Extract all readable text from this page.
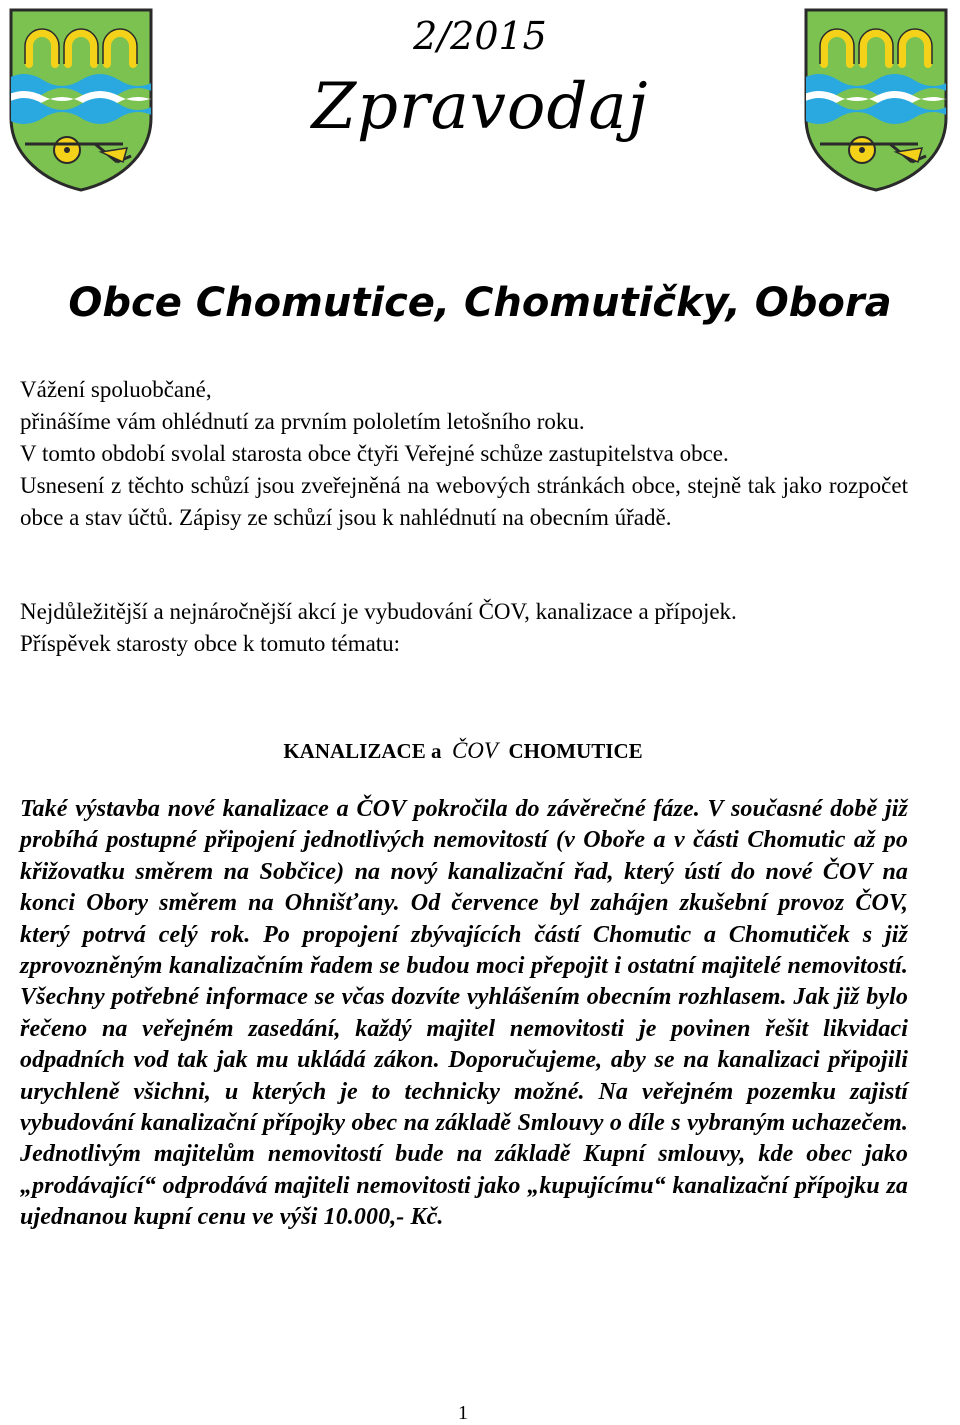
2/2015
Zpravodaj
Obce Chomutice, Chomutičky, Obora

Vážení spoluobčané,
přinášíme vám ohlédnutí za prvním pololetím letošního roku.
V tomto období svolal starosta obce čtyři Veřejné schůze zastupitelstva obce.

Usnesení z těchto schůzí jsou zveřejněná na webových stránkách obce, stejně tak jako rozpočet obce a stav účtů. Zápisy ze schůzí jsou k nahlédnutí na obecním úřadě.

Nejdůležitější a nejnáročnější akcí je vybudování ČOV, kanalizace a přípojek.
Příspěvek starosty obce k tomuto tématu:

KANALIZACE a ČOV CHOMUTICE

Také výstavba nové kanalizace a ČOV pokročila do závěrečné fáze. V současné době již probíhá postupné připojení jednotlivých nemovitostí (v Oboře a v části Chomutic až po křižovatku směrem na Sobčice) na nový kanalizační řad, který ústí do nové ČOV na konci Obory směrem na Ohnišťany. Od července byl zahájen zkušební provoz ČOV, který potrvá celý rok. Po propojení zbývajících částí Chomutic a Chomutiček s již zprovozněným kanalizačním řadem se budou moci přepojit i ostatní majitelé nemovitostí. Všechny potřebné informace se včas dozvíte vyhlášením obecním rozhlasem. Jak již bylo řečeno na veřejném zasedání, každý majitel nemovitosti je povinen řešit likvidaci odpadních vod tak jak mu ukládá zákon. Doporučujeme, aby se na kanalizaci připojili urychleně všichni, u kterých je to technicky možné. Na veřejném pozemku zajistí vybudování kanalizační přípojky obec na základě Smlouvy o díle s vybraným uchazečem. Jednotlivým majitelům nemovitostí bude na základě Kupní smlouvy, kde obec jako „prodávající“ odprodává majiteli nemovitosti jako „kupujícímu“ kanalizační přípojku za ujednanou kupní cenu ve výši 10.000,- Kč.

1
